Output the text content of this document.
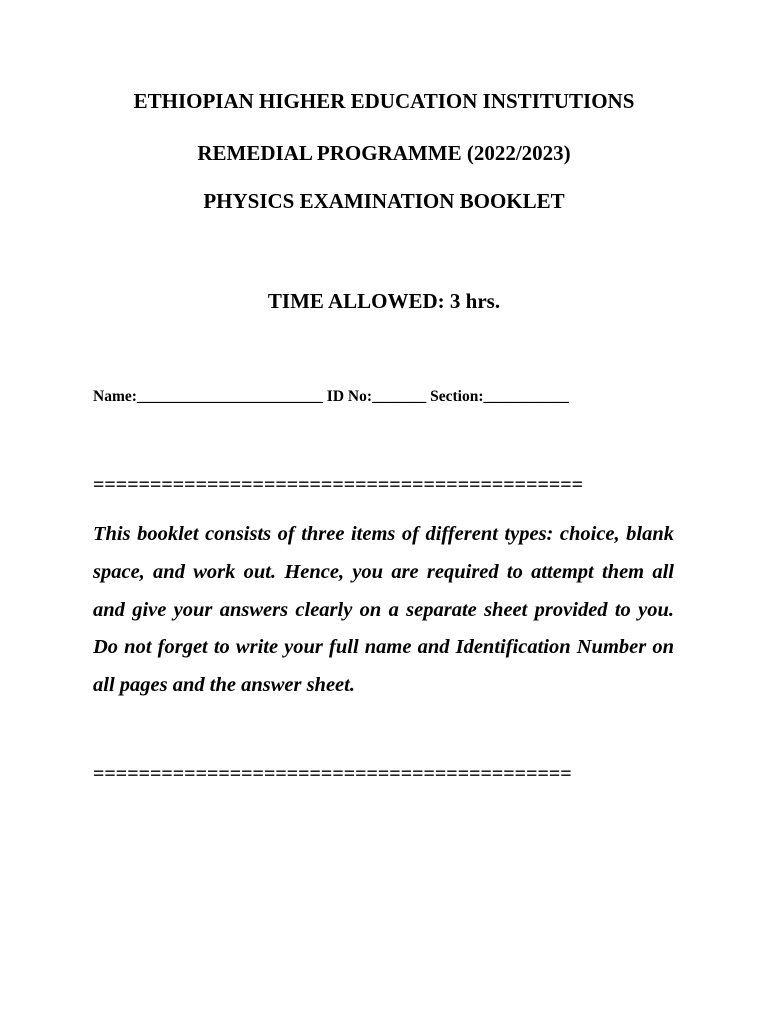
ETHIOPIAN HIGHER EDUCATION INSTITUTIONS
REMEDIAL PROGRAMME (2022/2023)
PHYSICS EXAMINATION BOOKLET
TIME ALLOWED: 3 hrs.
Name:________________________ ID No:_______ Section:___________
===========================================
This booklet consists of three items of different types: choice, blank space, and work out. Hence, you are required to attempt them all and give your answers clearly on a separate sheet provided to you. Do not forget to write your full name and Identification Number on all pages and the answer sheet.
==========================================
